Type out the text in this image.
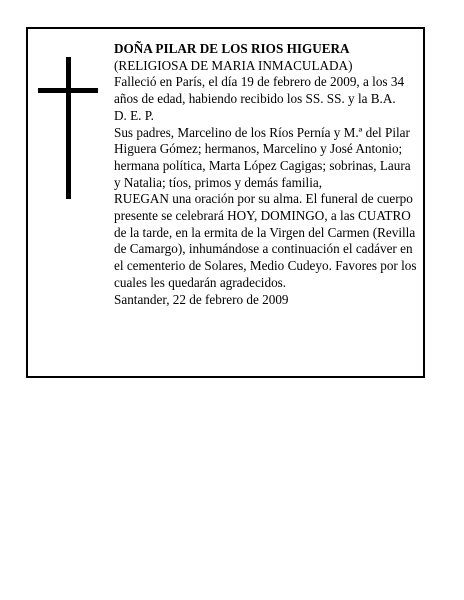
DOÑA PILAR DE LOS RIOS HIGUERA

(RELIGIOSA DE MARIA INMACULADA)

Falleció en París, el día 19 de febrero de 2009, a los 34 años de edad, habiendo recibido los SS. SS. y la B.A.

D. E. P.

Sus padres, Marcelino de los Ríos Pernía y M.ª del Pilar Higuera Gómez; hermanos, Marcelino y José Antonio; hermana política, Marta López Cagigas; sobrinas, Laura y Natalia; tíos, primos y demás familia,

RUEGAN una oración por su alma. El funeral de cuerpo presente se celebrará HOY, DOMINGO, a las CUATRO de la tarde, en la ermita de la Virgen del Carmen (Revilla de Camargo), inhumándose a continuación el cadáver en el cementerio de Solares, Medio Cudeyo. Favores por los cuales les quedarán agradecidos.

Santander, 22 de febrero de 2009
